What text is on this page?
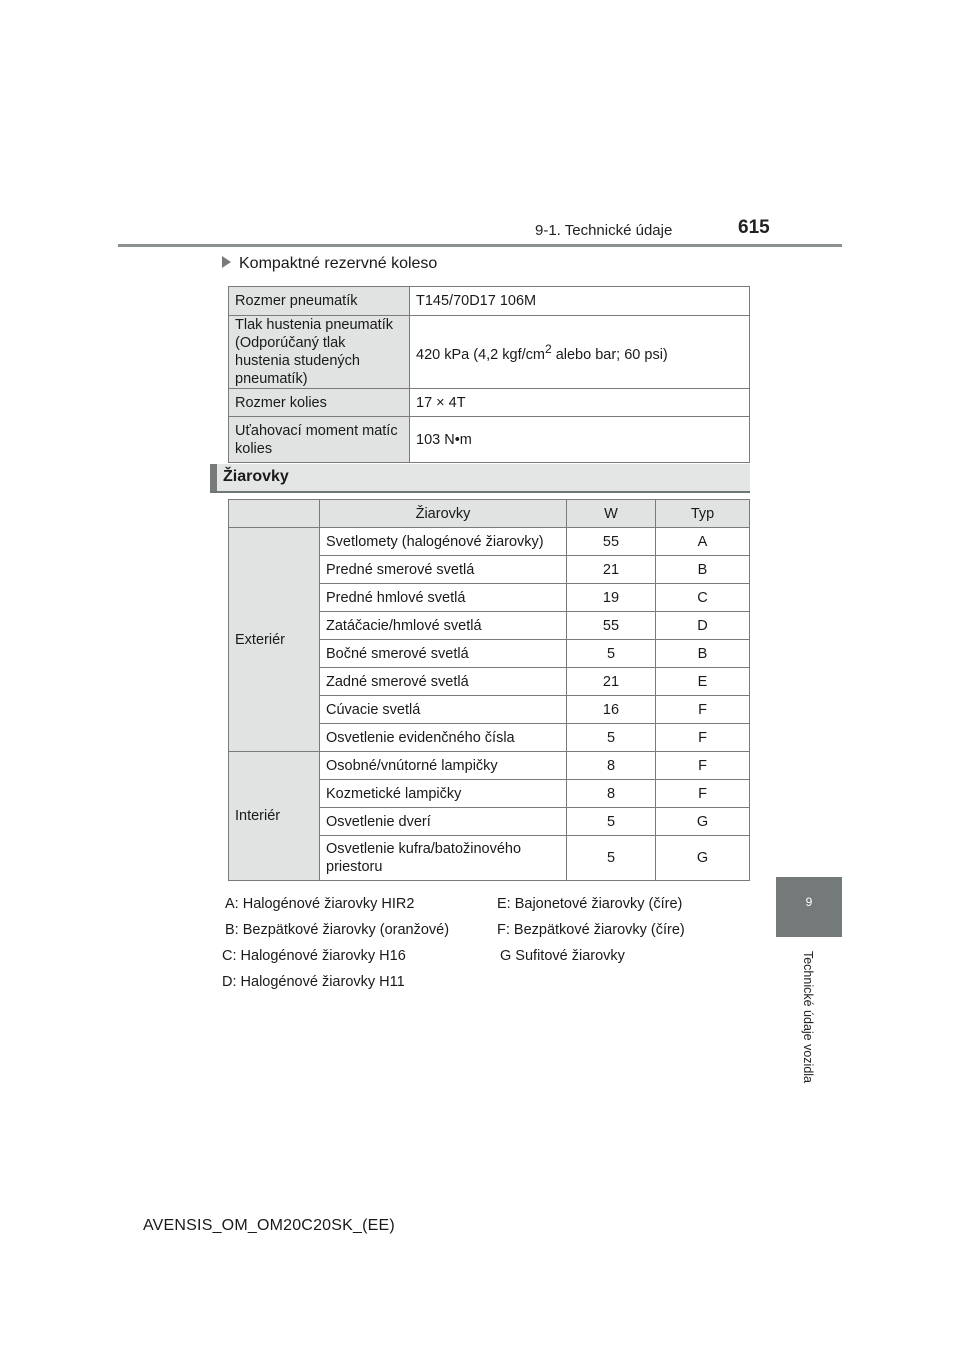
9-1. Technické údaje	615
Kompaktné rezervné koleso
Rozmer pneumatík	T145/70D17 106M
Tlak hustenia pneumatík (Odporúčaný tlak hustenia studených pneumatík)	420 kPa (4,2 kgf/$cm^2$ alebo bar; 60 psi)
Rozmer kolies	17 × 4T
Uťahovací moment matíc kolies	103 N•m
Žiarovky
	Žiarovky	W	Typ
Exteriér	Svetlomety (halogénové žiarovky)	55	A
	Predné smerové svetlá	21	B
	Predné hmlové svetlá	19	C
	Zatáčacie/hmlové svetlá	55	D
	Bočné smerové svetlá	5	B
	Zadné smerové svetlá	21	E
	Cúvacie svetlá	16	F
	Osvetlenie evidenčného čísla	5	F
Interiér	Osobné/vnútorné lampičky	8	F
	Kozmetické lampičky	8	F
	Osvetlenie dverí	5	G
	Osvetlenie kufra/batožinového priestoru	5	G
A: Halogénové žiarovky HIR2
B: Bezpätkové žiarovky (oranžové)
C: Halogénové žiarovky H16
D: Halogénové žiarovky H11
E: Bajonetové žiarovky (číre)
F: Bezpätkové žiarovky (číre)
G Sufitové žiarovky
9
Technické údaje vozidla
AVENSIS_OM_OM20C20SK_(EE)
